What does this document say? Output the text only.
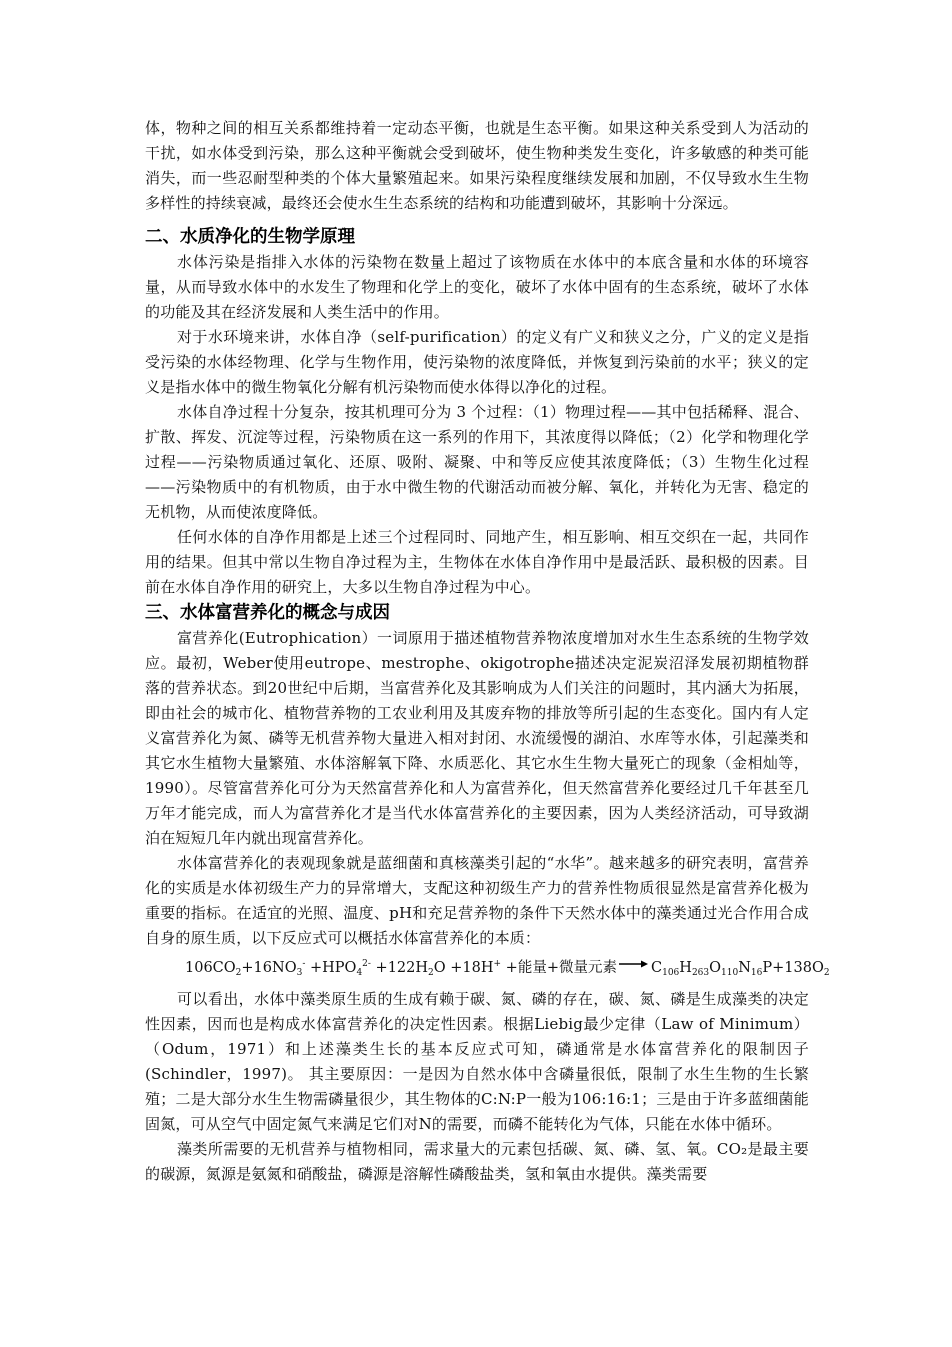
体，物种之间的相互关系都维持着一定动态平衡，也就是生态平衡。如果这种关系受到人为活动的干扰，如水体受到污染，那么这种平衡就会受到破坏，使生物种类发生变化，许多敏感的种类可能消失，而一些忍耐型种类的个体大量繁殖起来。如果污染程度继续发展和加剧，不仅导致水生生物多样性的持续衰减，最终还会使水生生态系统的结构和功能遭到破坏，其影响十分深远。

二、水质净化的生物学原理

水体污染是指排入水体的污染物在数量上超过了该物质在水体中的本底含量和水体的环境容量，从而导致水体中的水发生了物理和化学上的变化，破坏了水体中固有的生态系统，破坏了水体的功能及其在经济发展和人类生活中的作用。

对于水环境来讲，水体自净（self-purification）的定义有广义和狭义之分，广义的定义是指受污染的水体经物理、化学与生物作用，使污染物的浓度降低，并恢复到污染前的水平；狭义的定义是指水体中的微生物氧化分解有机污染物而使水体得以净化的过程。

水体自净过程十分复杂，按其机理可分为 3 个过程：（1）物理过程——其中包括稀释、混合、扩散、挥发、沉淀等过程，污染物质在这一系列的作用下，其浓度得以降低；（2）化学和物理化学过程——污染物质通过氧化、还原、吸附、凝聚、中和等反应使其浓度降低；（3）生物生化过程——污染物质中的有机物质，由于水中微生物的代谢活动而被分解、氧化，并转化为无害、稳定的无机物，从而使浓度降低。

任何水体的自净作用都是上述三个过程同时、同地产生，相互影响、相互交织在一起，共同作用的结果。但其中常以生物自净过程为主，生物体在水体自净作用中是最活跃、最积极的因素。目前在水体自净作用的研究上，大多以生物自净过程为中心。

三、水体富营养化的概念与成因

富营养化(Eutrophication）一词原用于描述植物营养物浓度增加对水生生态系统的生物学效应。最初，Weber使用eutrope、mestrophe、okigotrophe描述决定泥炭沼泽发展初期植物群落的营养状态。到20世纪中后期，当富营养化及其影响成为人们关注的问题时，其内涵大为拓展，即由社会的城市化、植物营养物的工农业利用及其废弃物的排放等所引起的生态变化。国内有人定义富营养化为氮、磷等无机营养物大量进入相对封闭、水流缓慢的湖泊、水库等水体，引起藻类和其它水生植物大量繁殖、水体溶解氧下降、水质恶化、其它水生生物大量死亡的现象（金相灿等，1990）。尽管富营养化可分为天然富营养化和人为富营养化，但天然富营养化要经过几千年甚至几万年才能完成，而人为富营养化才是当代水体富营养化的主要因素，因为人类经济活动，可导致湖泊在短短几年内就出现富营养化。

水体富营养化的表观现象就是蓝细菌和真核藻类引起的“水华”。越来越多的研究表明，富营养化的实质是水体初级生产力的异常增大，支配这种初级生产力的营养性物质很显然是富营养化极为重要的指标。在适宜的光照、温度、pH和充足营养物的条件下天然水体中的藻类通过光合作用合成自身的原生质，以下反应式可以概括水体富营养化的本质：

$106CO_2+16NO_3^- +HPO_4^{2-} +122H_2O +18H^+$ +能量+微量元素 → $C_{106}H_{263}O_{110}N_{16}P+138O_2$

可以看出，水体中藻类原生质的生成有赖于碳、氮、磷的存在，碳、氮、磷是生成藻类的决定性因素，因而也是构成水体富营养化的决定性因素。根据Liebig最少定律（Law of Minimum）（Odum，1971）和上述藻类生长的基本反应式可知，磷通常是水体富营养化的限制因子(Schindler，1997)。 其主要原因：一是因为自然水体中含磷量很低，限制了水生生物的生长繁殖；二是大部分水生生物需磷量很少，其生物体的C:N:P一般为106:16:1；三是由于许多蓝细菌能固氮，可从空气中固定氮气来满足它们对N的需要，而磷不能转化为气体，只能在水体中循环。

藻类所需要的无机营养与植物相同，需求量大的元素包括碳、氮、磷、氢、氧。CO₂是最主要的碳源，氮源是氨氮和硝酸盐，磷源是溶解性磷酸盐类，氢和氧由水提供。藻类需要
